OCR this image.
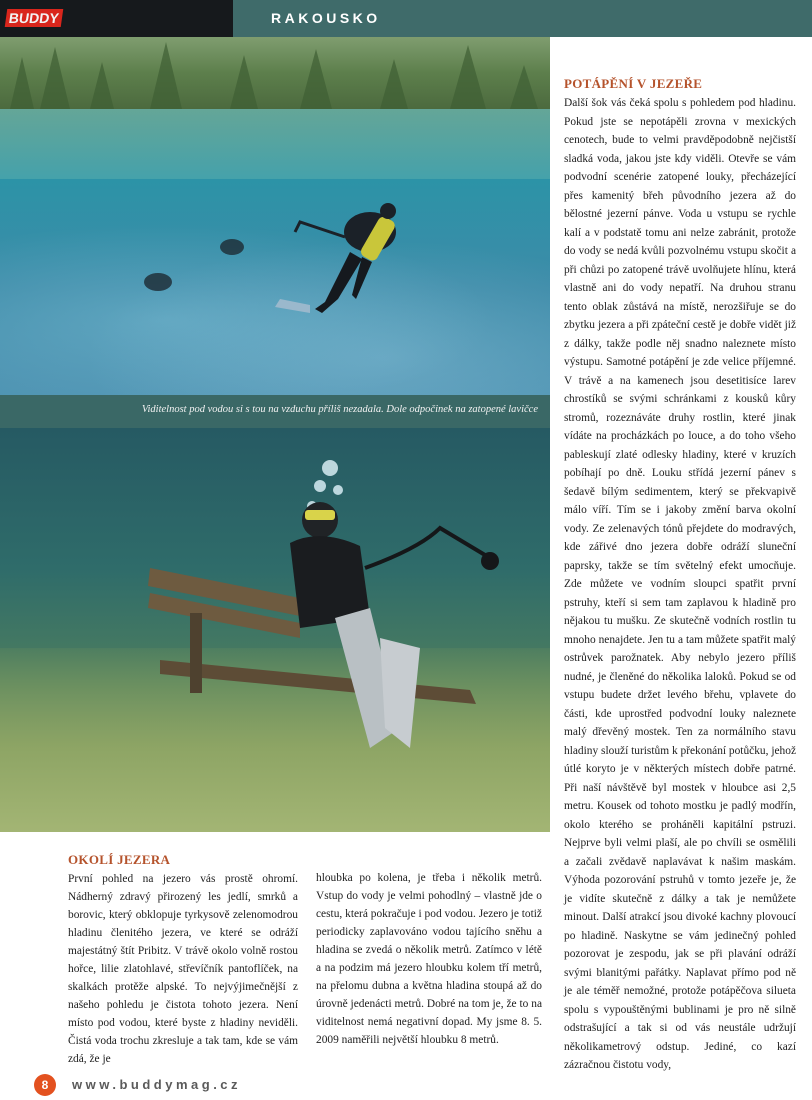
BUDDY	RAKOUSKO
Viditelnost pod vodou si s tou na vzduchu příliš nezadala. Dole odpočinek na zatopené lavičce
POTÁPĚNÍ V JEZEŘE

Další šok vás čeká spolu s pohledem pod hladinu. Pokud jste se nepotápěli zrovna v mexických cenotech, bude to velmi pravděpodobně nejčistší sladká voda, jakou jste kdy viděli. Otevře se vám podvodní scenérie zatopené louky, přecházející přes kamenitý břeh původního jezera až do bělostné jezerní pánve. Voda u vstupu se rychle kalí a v podstatě tomu ani nelze zabránit, protože do vody se nedá kvůli pozvolnému vstupu skočit a při chůzi po zatopené trávě uvolňujete hlínu, která vlastně ani do vody nepatří. Na druhou stranu tento oblak zůstává na místě, nerozšiřuje se do zbytku jezera a při zpáteční cestě je dobře vidět již z dálky, takže podle něj snadno naleznete místo výstupu. Samotné potápění je zde velice příjemné. V trávě a na kamenech jsou desetitisíce larev chrostíků se svými schránkami z kousků kůry stromů, rozeznáváte druhy rostlin, které jinak vídáte na procházkách po louce, a do toho všeho pableskují zlaté odlesky hladiny, které v kruzích pobíhají po dně. Louku střídá jezerní pánev s šedavě bílým sedimentem, který se překvapivě málo víří. Tím se i jakoby změní barva okolní vody. Ze zelenavých tónů přejdete do modravých, kde zářivé dno jezera dobře odráží sluneční paprsky, takže se tím světelný efekt umocňuje. Zde můžete ve vodním sloupci spatřit první pstruhy, kteří si sem tam zaplavou k hladině pro nějakou tu mušku. Ze skutečně vodních rostlin tu mnoho nenajdete. Jen tu a tam můžete spatřit malý ostrůvek parožnatek. Aby nebylo jezero příliš nudné, je členěné do několika laloků. Pokud se od vstupu budete držet levého břehu, vplavete do části, kde uprostřed podvodní louky naleznete malý dřevěný mostek. Ten za normálního stavu hladiny slouží turistům k překonání potůčku, jehož útlé koryto je v některých místech dobře patrné. Při naší návštěvě byl mostek v hloubce asi 2,5 metru. Kousek od tohoto mostku je padlý modřín, okolo kterého se proháněli kapitální pstruzi. Nejprve byli velmi plaší, ale po chvíli se osmělili a začali zvědavě naplavávat k našim maskám. Výhoda pozorování pstruhů v tomto jezeře je, že je vidíte skutečně z dálky a tak je nemůžete minout. Další atrakcí jsou divoké kachny plovoucí po hladině. Naskytne se vám jedinečný pohled pozorovat je zespodu, jak se při plavání odráží svými blanitými pařátky. Naplavat přímo pod ně je ale téměř nemožné, protože potápěčova silueta spolu s vypouštěnými bublinami je pro ně silně odstrašující a tak si od vás neustále udržují několikametrový odstup. Jediné, co kazí zázračnou čistotu vody,

OKOLÍ JEZERA

První pohled na jezero vás prostě ohromí. Nádherný zdravý přirozený les jedlí, smrků a borovic, který obklopuje tyrkysově zelenomodrou hladinu členitého jezera, ve které se odráží majestátný štít Pribitz. V trávě okolo volně rostou hořce, lilie zlatohlavé, střevíčník pantoflíček, na skalkách protěže alpské. To nejvýjimečnější z našeho pohledu je čistota tohoto jezera. Není místo pod vodou, které byste z hladiny neviděli. Čistá voda trochu zkresluje a tak tam, kde se vám zdá, že je

hloubka po kolena, je třeba i několik metrů. Vstup do vody je velmi pohodlný – vlastně jde o cestu, která pokračuje i pod vodou. Jezero je totiž periodicky zaplavováno vodou tajícího sněhu a hladina se zvedá o několik metrů. Zatímco v létě a na podzim má jezero hloubku kolem tří metrů, na přelomu dubna a května hladina stoupá až do úrovně jedenácti metrů. Dobré na tom je, že to na viditelnost nemá negativní dopad. My jsme 8. 5. 2009 naměřili největší hloubku 8 metrů.

8	www.buddymag.cz
